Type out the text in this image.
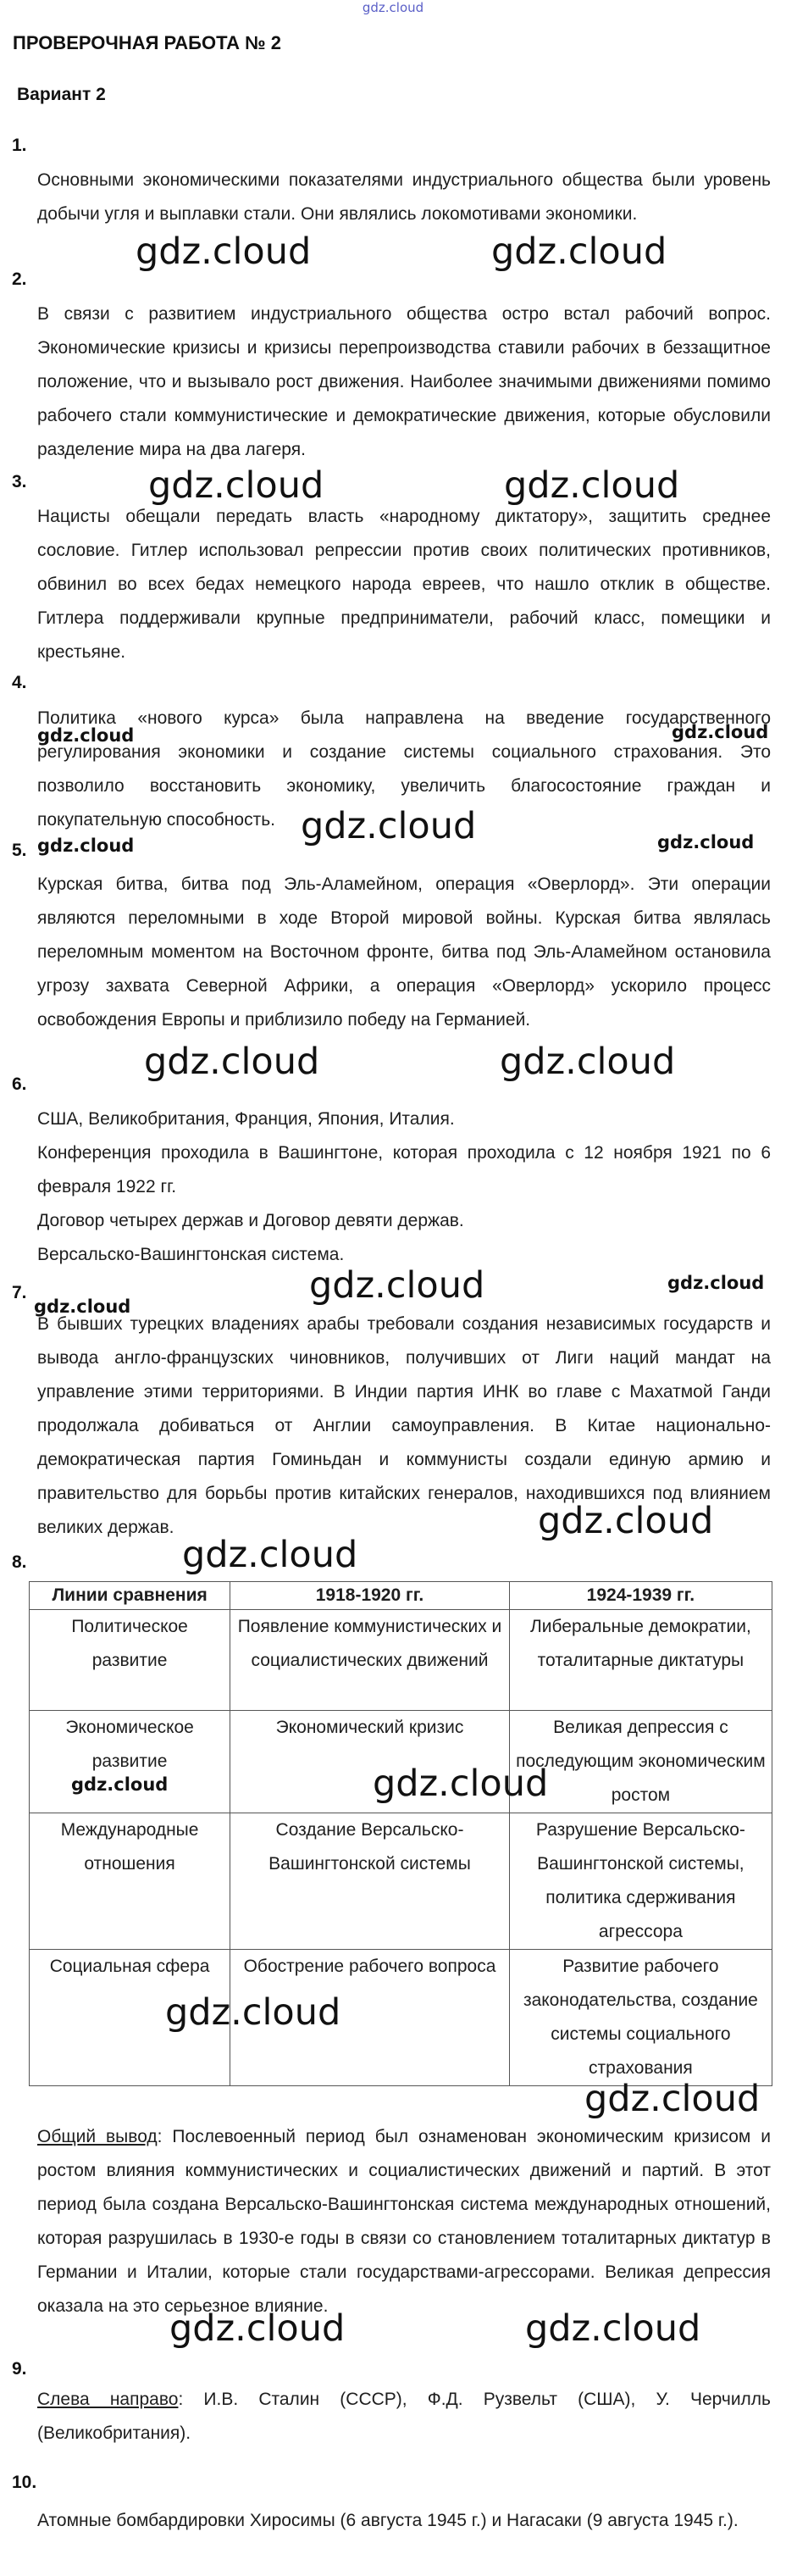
gdz.cloud
ПРОВЕРОЧНАЯ РАБОТА № 2
Вариант 2
1.

Основными экономическими показателями индустриального общества были уровень добычи угля и выплавки стали. Они являлись локомотивами экономики.

2.

В связи с развитием индустриального общества остро встал рабочий вопрос. Экономические кризисы и кризисы перепроизводства ставили рабочих в беззащитное положение, что и вызывало рост движения. Наиболее значимыми движениями помимо рабочего стали коммунистические и демократические движения, которые обусловили разделение мира на два лагеря.

3.

Нацисты обещали передать власть «народному диктатору», защитить среднее сословие. Гитлер использовал репрессии против своих политических противников, обвинил во всех бедах немецкого народа евреев, что нашло отклик в обществе. Гитлера поддерживали крупные предприниматели, рабочий класс, помещики и крестьяне.

4.

Политика «нового курса» была направлена на введение государственного регулирования экономики и создание системы социального страхования. Это позволило восстановить экономику, увеличить благосостояние граждан и покупательную способность.

5.

Курская битва, битва под Эль-Аламейном, операция «Оверлорд». Эти операции являются переломными в ходе Второй мировой войны. Курская битва являлась переломным моментом на Восточном фронте, битва под Эль-Аламейном остановила угрозу захвата Северной Африки, а операция «Оверлорд» ускорило процесс освобождения Европы и приблизило победу на Германией.

6.

США, Великобритания, Франция, Япония, Италия.

Конференция проходила в Вашингтоне, которая проходила с 12 ноября 1921 по 6 февраля 1922 гг.

Договор четырех держав и Договор девяти держав.

Версальско-Вашингтонская система.

7.

В бывших турецких владениях арабы требовали создания независимых государств и вывода англо-французских чиновников, получивших от Лиги наций мандат на управление этими территориями. В Индии партия ИНК во главе с Махатмой Ганди продолжала добиваться от Англии самоуправления. В Китае национально-демократическая партия Гоминьдан и коммунисты создали единую армию и правительство для борьбы против китайских генералов, находившихся под влиянием великих держав.

8.
Линии сравнения	1918-1920 гг.	1924-1939 гг.
Политическое развитие	Появление коммунистических и социалистических движений	Либеральные демократии, тоталитарные диктатуры
Экономическое развитие	Экономический кризис	Великая депрессия с последующим экономическим ростом
Международные отношения	Создание Версальско-Вашингтонской системы	Разрушение Версальско-Вашингтонской системы, политика сдерживания агрессора
Социальная сфера	Обострение рабочего вопроса	Развитие рабочего законодательства, создание системы социального страхования

Общий вывод: Послевоенный период был ознаменован экономическим кризисом и ростом влияния коммунистических и социалистических движений и партий. В этот период была создана Версальско-Вашингтонская система международных отношений, которая разрушилась в 1930-е годы в связи со становлением тоталитарных диктатур в Германии и Италии, которые стали государствами-агрессорами. Великая депрессия оказала на это серьезное влияние.

9.

Слева направо: И.В. Сталин (СССР), Ф.Д. Рузвельт (США), У. Черчилль (Великобритания).

10.

Атомные бомбардировки Хиросимы (6 августа 1945 г.) и Нагасаки (9 августа 1945 г.).

gdz.cloud	gdz.cloud
gdz.cloud	gdz.cloud
gdz.cloud	gdz.cloud
gdz.cloud
gdz.cloud	gdz.cloud
gdz.cloud	gdz.cloud
gdz.cloud	gdz.cloud
gdz.cloud
gdz.cloud
gdz.cloud
gdz.cloud
gdz.cloud
gdz.cloud
gdz.cloud
gdz.cloud	gdz.cloud
